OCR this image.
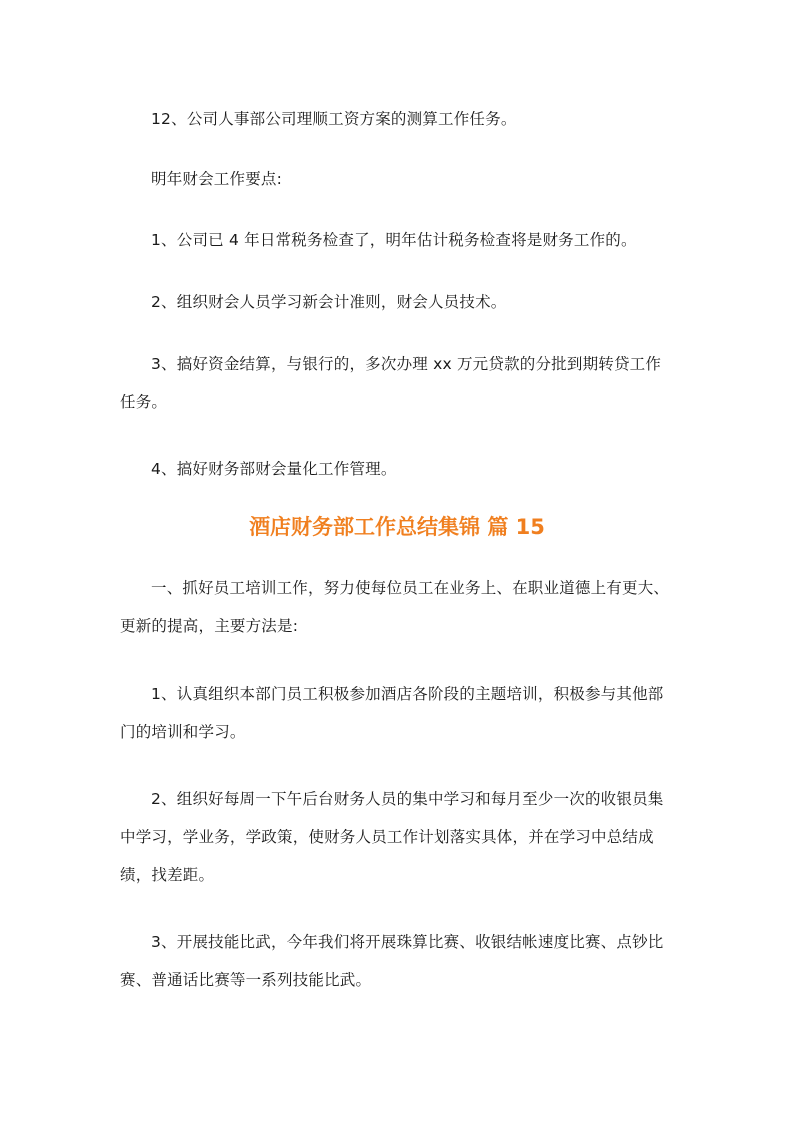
12、公司人事部公司理顺工资方案的测算工作任务。

明年财会工作要点:

1、公司已 4 年日常税务检查了，明年估计税务检查将是财务工作的。

2、组织财会人员学习新会计准则，财会人员技术。

3、搞好资金结算，与银行的，多次办理 xx 万元贷款的分批到期转贷工作任务。

4、搞好财务部财会量化工作管理。

酒店财务部工作总结集锦 篇 15

一、抓好员工培训工作，努力使每位员工在业务上、在职业道德上有更大、更新的提高，主要方法是:

1、认真组织本部门员工积极参加酒店各阶段的主题培训，积极参与其他部门的培训和学习。

2、组织好每周一下午后台财务人员的集中学习和每月至少一次的收银员集中学习，学业务，学政策，使财务人员工作计划落实具体，并在学习中总结成绩，找差距。

3、开展技能比武，今年我们将开展珠算比赛、收银结帐速度比赛、点钞比赛、普通话比赛等一系列技能比武。
